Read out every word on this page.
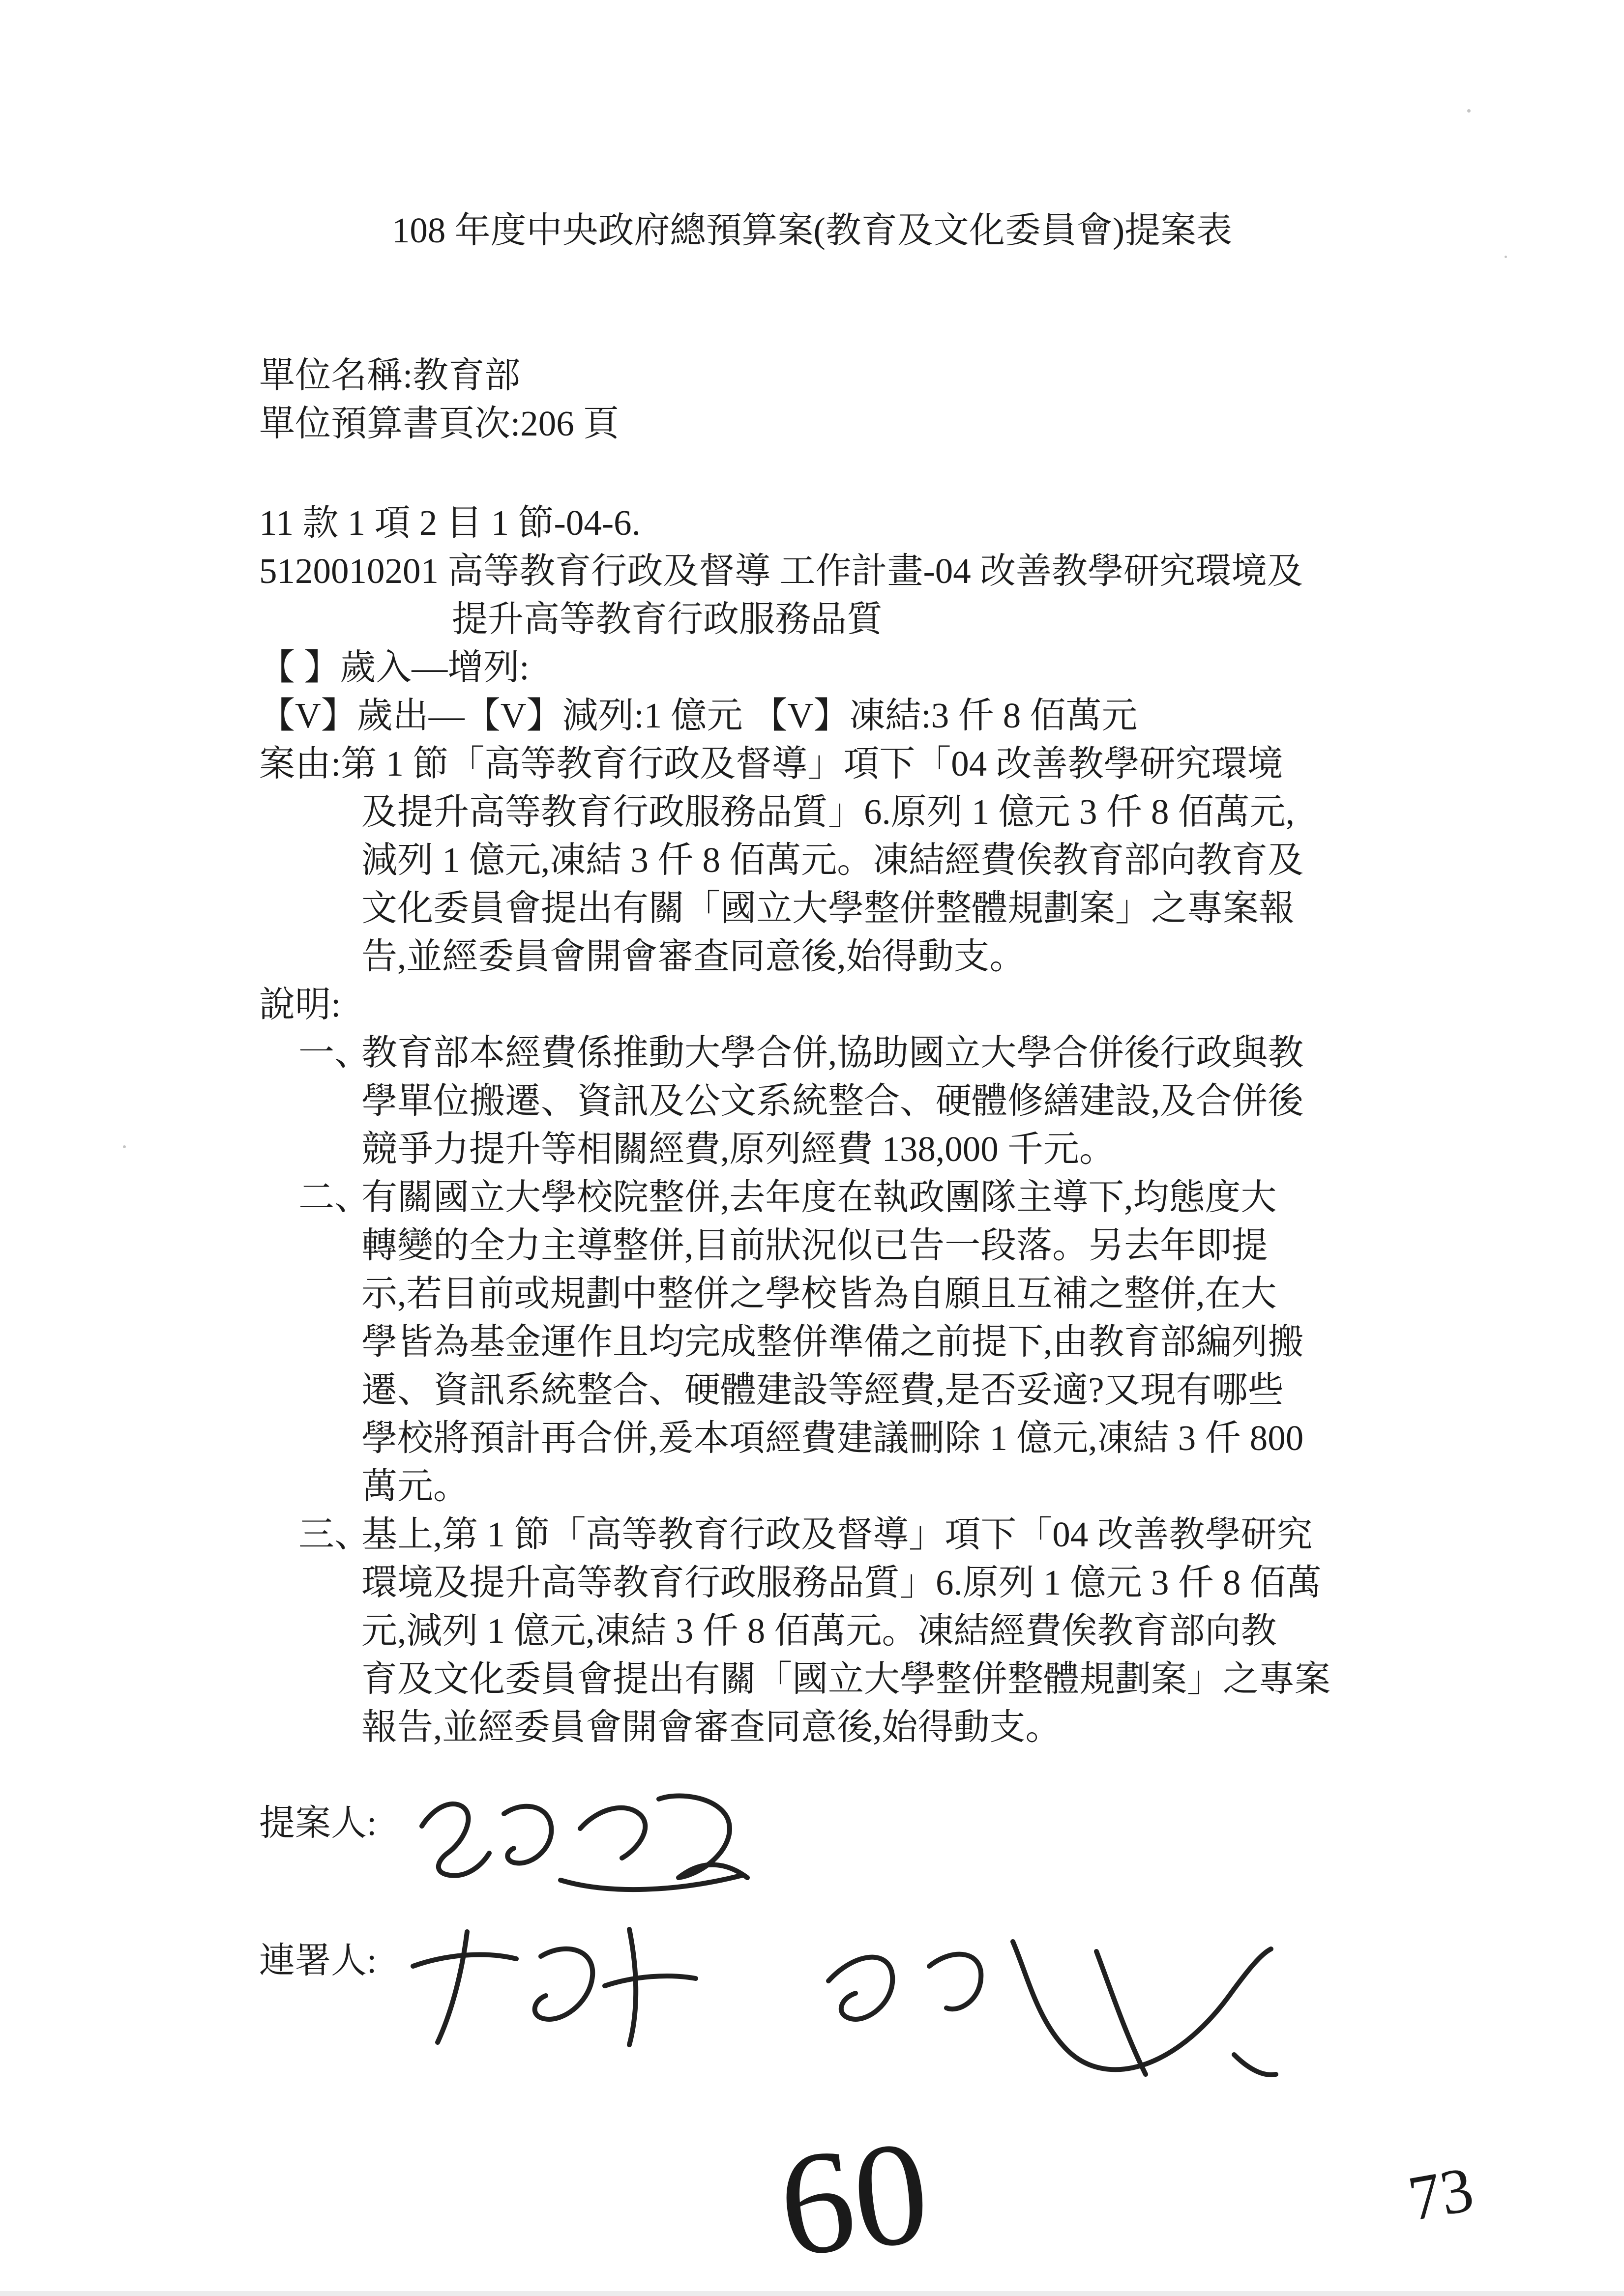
108 年度中央政府總預算案(教育及文化委員會)提案表
單位名稱:教育部
單位預算書頁次:206 頁
11 款 1 項 2 目 1 節-04-6.
5120010201 高等教育行政及督導 工作計畫-04 改善教學研究環境及
提升高等教育行政服務品質
【 】歲入—增列:
【V】歲出—【V】減列:1 億元 【V】凍結:3 仟 8 佰萬元
案由:第 1 節「高等教育行政及督導」項下「04 改善教學研究環境
及提升高等教育行政服務品質」6.原列 1 億元 3 仟 8 佰萬元,
減列 1 億元,凍結 3 仟 8 佰萬元。凍結經費俟教育部向教育及
文化委員會提出有關「國立大學整併整體規劃案」之專案報
告,並經委員會開會審查同意後,始得動支。
說明:
一、教育部本經費係推動大學合併,協助國立大學合併後行政與教
學單位搬遷、資訊及公文系統整合、硬體修繕建設,及合併後
競爭力提升等相關經費,原列經費 138,000 千元。
二、有關國立大學校院整併,去年度在執政團隊主導下,均態度大
轉變的全力主導整併,目前狀況似已告一段落。另去年即提
示,若目前或規劃中整併之學校皆為自願且互補之整併,在大
學皆為基金運作且均完成整併準備之前提下,由教育部編列搬
遷、資訊系統整合、硬體建設等經費,是否妥適?又現有哪些
學校將預計再合併,爰本項經費建議刪除 1 億元,凍結 3 仟 800
萬元。
三、基上,第 1 節「高等教育行政及督導」項下「04 改善教學研究
環境及提升高等教育行政服務品質」6.原列 1 億元 3 仟 8 佰萬
元,減列 1 億元,凍結 3 仟 8 佰萬元。凍結經費俟教育部向教
育及文化委員會提出有關「國立大學整併整體規劃案」之專案
報告,並經委員會開會審查同意後,始得動支。
提案人:
連署人:
60	73
